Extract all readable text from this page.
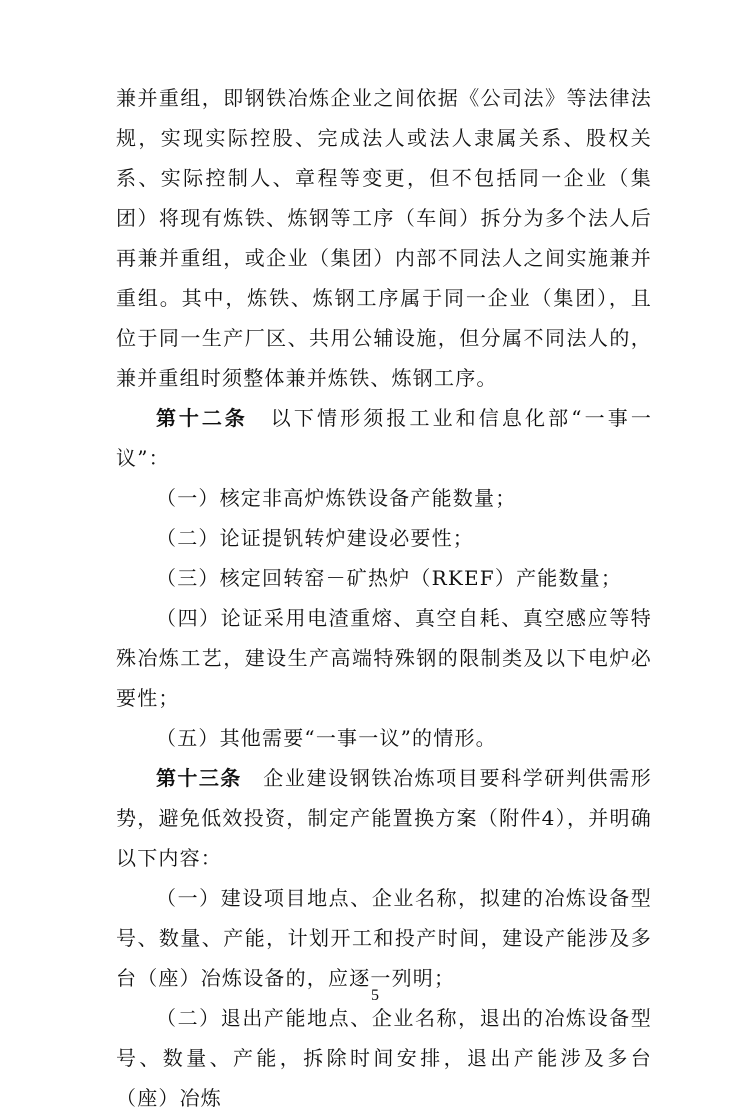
兼并重组，即钢铁冶炼企业之间依据《公司法》等法律法规，实现实际控股、完成法人或法人隶属关系、股权关系、实际控制人、章程等变更，但不包括同一企业（集团）将现有炼铁、炼钢等工序（车间）拆分为多个法人后再兼并重组，或企业（集团）内部不同法人之间实施兼并重组。其中，炼铁、炼钢工序属于同一企业（集团），且位于同一生产厂区、共用公辅设施，但分属不同法人的，兼并重组时须整体兼并炼铁、炼钢工序。

第十二条　 以下情形须报工业和信息化部“一事一议”：

（一）核定非高炉炼铁设备产能数量；

（二）论证提钒转炉建设必要性；

（三）核定回转窑－矿热炉（RKEF）产能数量；

（四）论证采用电渣重熔、真空自耗、真空感应等特殊冶炼工艺，建设生产高端特殊钢的限制类及以下电炉必要性；

（五）其他需要“一事一议”的情形。

第十三条　 企业建设钢铁冶炼项目要科学研判供需形势，避免低效投资，制定产能置换方案（附件4），并明确以下内容：

（一）建设项目地点、企业名称，拟建的冶炼设备型号、数量、产能，计划开工和投产时间，建设产能涉及多台（座）冶炼设备的，应逐一列明；

（二）退出产能地点、企业名称，退出的冶炼设备型号、数量、产能，拆除时间安排，退出产能涉及多台（座）冶炼

5
